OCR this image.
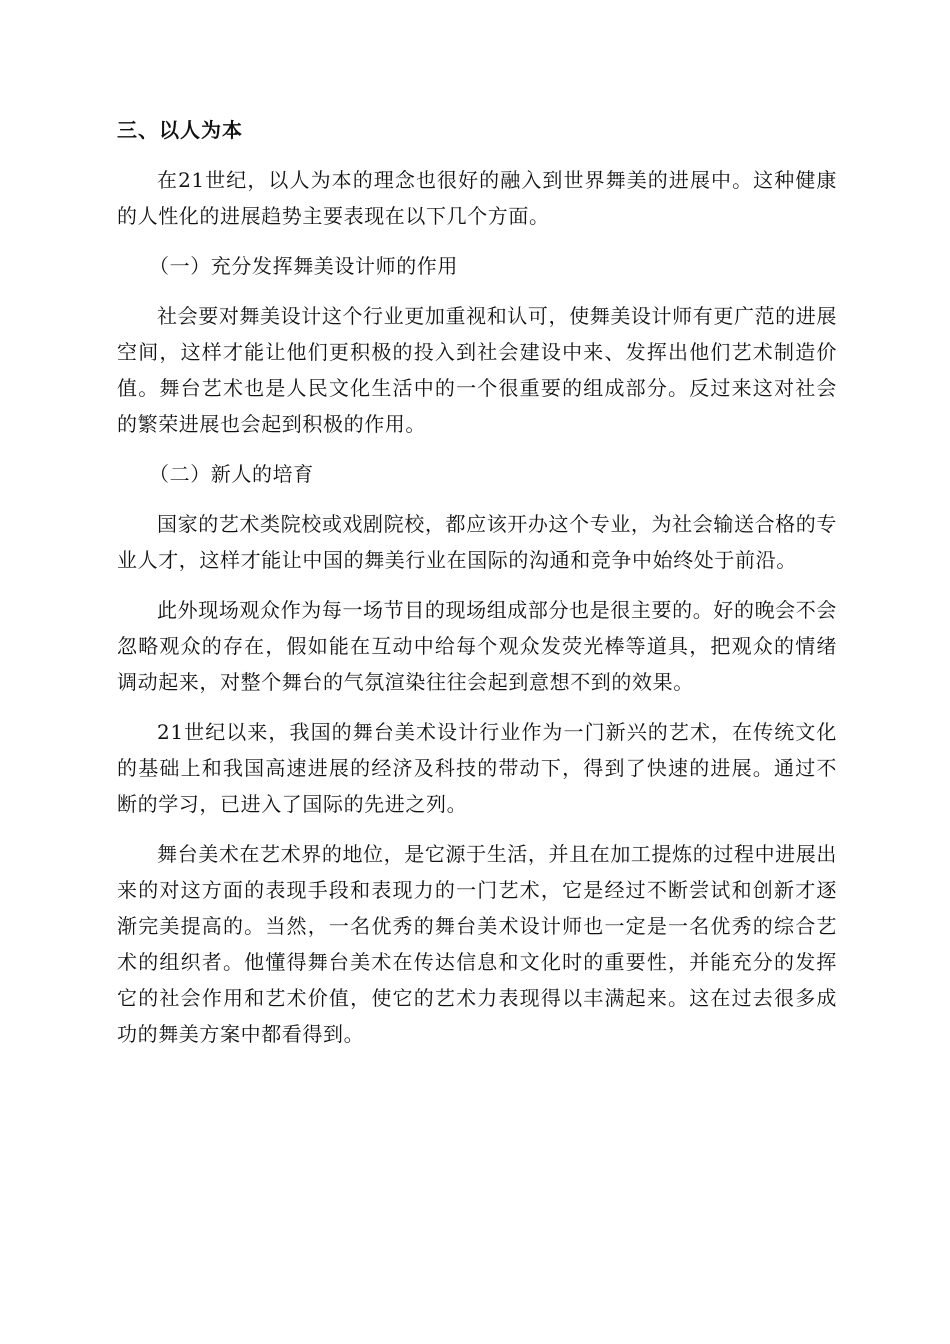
三、以人为本

在21世纪，以人为本的理念也很好的融入到世界舞美的进展中。这种健康的人性化的进展趋势主要表现在以下几个方面。

（一）充分发挥舞美设计师的作用

社会要对舞美设计这个行业更加重视和认可，使舞美设计师有更广范的进展空间，这样才能让他们更积极的投入到社会建设中来、发挥出他们艺术制造价值。舞台艺术也是人民文化生活中的一个很重要的组成部分。反过来这对社会的繁荣进展也会起到积极的作用。

（二）新人的培育

国家的艺术类院校或戏剧院校，都应该开办这个专业，为社会输送合格的专业人才，这样才能让中国的舞美行业在国际的沟通和竞争中始终处于前沿。

此外现场观众作为每一场节目的现场组成部分也是很主要的。好的晚会不会忽略观众的存在，假如能在互动中给每个观众发荧光棒等道具，把观众的情绪调动起来，对整个舞台的气氛渲染往往会起到意想不到的效果。

21世纪以来，我国的舞台美术设计行业作为一门新兴的艺术，在传统文化的基础上和我国高速进展的经济及科技的带动下，得到了快速的进展。通过不断的学习，已进入了国际的先进之列。

舞台美术在艺术界的地位，是它源于生活，并且在加工提炼的过程中进展出来的对这方面的表现手段和表现力的一门艺术，它是经过不断尝试和创新才逐渐完美提高的。当然，一名优秀的舞台美术设计师也一定是一名优秀的综合艺术的组织者。他懂得舞台美术在传达信息和文化时的重要性，并能充分的发挥它的社会作用和艺术价值，使它的艺术力表现得以丰满起来。这在过去很多成功的舞美方案中都看得到。
